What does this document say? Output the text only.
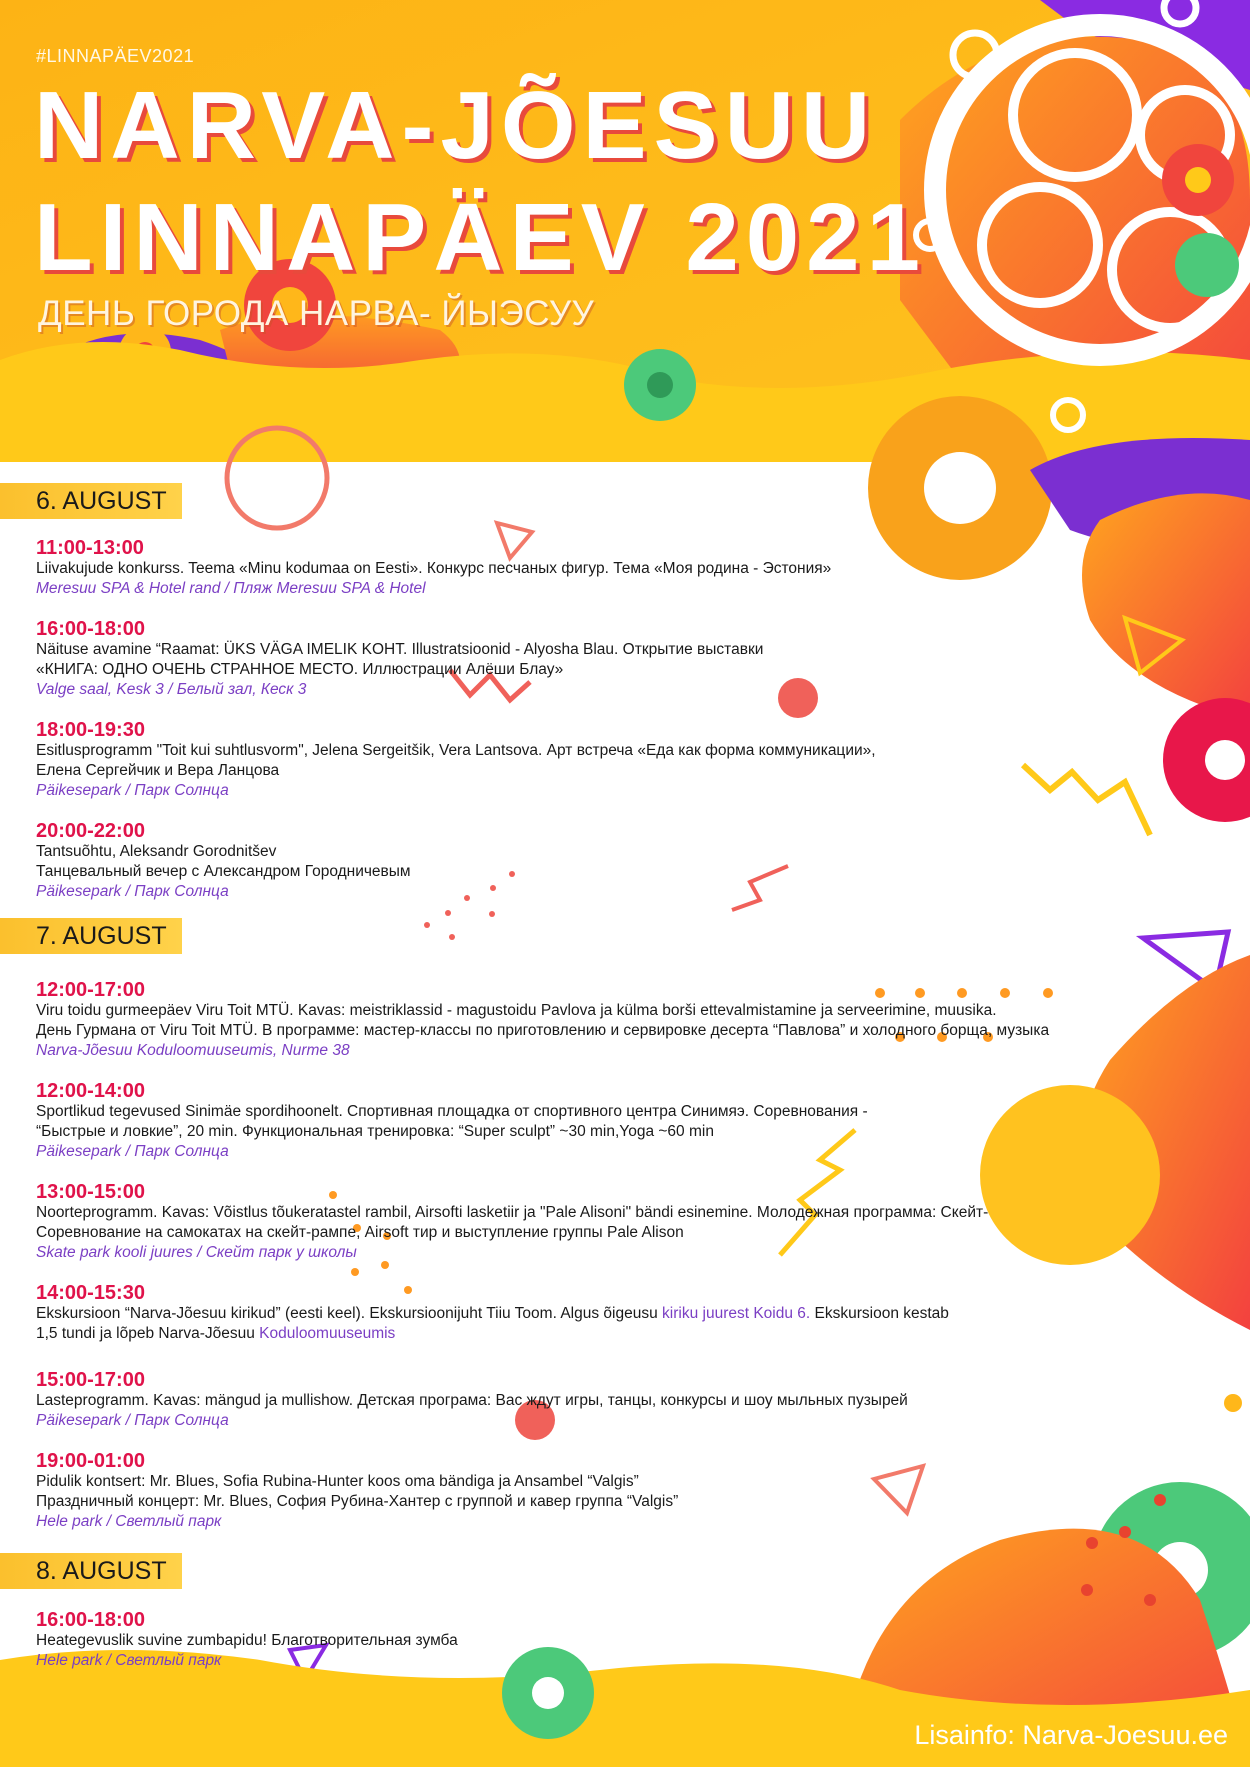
#LINNAPÄEV2021
NARVA-JÕESUU
LINNAPÄEV 2021
ДЕНЬ ГОРОДА НАРВА- ЙЫЭСУУ
6. AUGUST
11:00-13:00
Liivakujude konkurss. Teema «Minu kodumaa on Eesti». Конкурс песчаных фигур. Тема «Моя родина - Эстония»
Meresuu SPA & Hotel rand / Пляж Meresuu SPA & Hotel
16:00-18:00
Näituse avamine “Raamat: ÜKS VÄGA IMELIK KOHT. Illustratsioonid - Alyosha Blau. Открытие выставки
«КНИГА: ОДНО ОЧЕНЬ СТРАННОЕ МЕСТО. Иллюстрации Алёши Блау»
Valge saal, Kesk 3 / Белый зал, Кеск 3
18:00-19:30
Esitlusprogramm "Toit kui suhtlusvorm", Jelena Sergeitšik, Vera Lantsova. Арт встреча «Еда как форма коммуникации»,
Елена Сергейчик и Вера Ланцова
Päikesepark / Парк Солнца
20:00-22:00
Tantsuõhtu, Aleksandr Gorodnitšev
Танцевальный вечер с Александром Городничевым
Päikesepark / Парк Солнца
7. AUGUST
12:00-17:00
Viru toidu gurmeepäev Viru Toit MTÜ. Kavas: meistriklassid - magustoidu Pavlova ja külma borši ettevalmistamine ja serveerimine, muusika.
День Гурмана от Viru Toit MTÜ. В программе: мастер-классы по приготовлению и сервировке десерта “Павлова” и холодного борща, музыка
Narva-Jõesuu Koduloomuuseumis, Nurme 38
12:00-14:00
Sportlikud tegevused Sinimäe spordihoonelt. Спортивная площадка от спортивного центра Синимяэ. Соревнования -
“Быстрые и ловкие”, 20 min. Функциональная тренировка: “Super sculpt” ~30 min,Yoga ~60 min
Päikesepark / Парк Солнца
13:00-15:00
Noorteprogramm. Kavas: Võistlus tõukeratastel rambil, Airsofti lasketiir ja "Pale Alisoni" bändi esinemine. Молодежная программа: Скейт-
Соревнование на самокатах на скейт-рампе, Airsoft тир и выступление группы Pale Alison
Skate park kooli juures / Скейт парк у школы
14:00-15:30
Ekskursioon “Narva-Jõesuu kirikud” (eesti keel). Ekskursioonijuht Tiiu Toom. Algus õigeusu kiriku juurest Koidu 6. Ekskursioon kestab
1,5 tundi ja lõpeb Narva-Jõesuu Koduloomuuseumis
15:00-17:00
Lasteprogramm. Kavas: mängud ja mullishow. Детская програма: Вас ждут игры, танцы, конкурсы и шоу мыльных пузырей
Päikesepark / Парк Солнца
19:00-01:00
Pidulik kontsert: Mr. Blues, Sofia Rubina-Hunter koos oma bändiga ja Ansambel “Valgis”
Праздничный концерт: Mr. Blues, София Рубина-Хантер с группой и кавер группа “Valgis”
Hele park / Светлый парк
8. AUGUST
16:00-18:00
Heategevuslik suvine zumbapidu! Благотворительная зумба
Hele park / Светлый парк
Lisainfo: Narva-Joesuu.ee
